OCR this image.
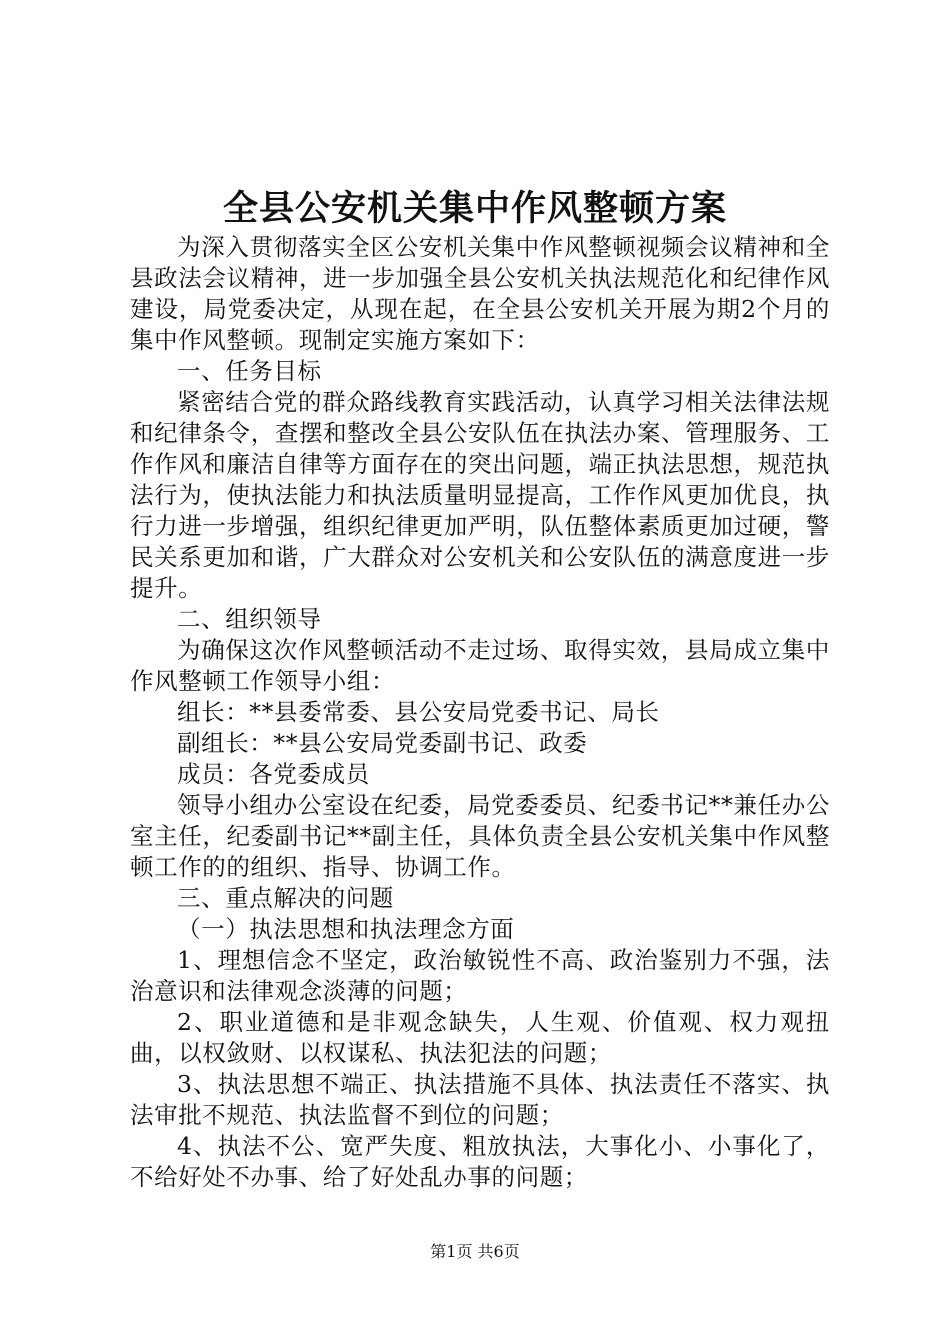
全县公安机关集中作风整顿方案

为深入贯彻落实全区公安机关集中作风整顿视频会议精神和全县政法会议精神，进一步加强全县公安机关执法规范化和纪律作风建设，局党委决定，从现在起，在全县公安机关开展为期2个月的集中作风整顿。现制定实施方案如下：

一、任务目标

紧密结合党的群众路线教育实践活动，认真学习相关法律法规和纪律条令，查摆和整改全县公安队伍在执法办案、管理服务、工作作风和廉洁自律等方面存在的突出问题，端正执法思想，规范执法行为，使执法能力和执法质量明显提高，工作作风更加优良，执行力进一步增强，组织纪律更加严明，队伍整体素质更加过硬，警民关系更加和谐，广大群众对公安机关和公安队伍的满意度进一步提升。

二、组织领导

为确保这次作风整顿活动不走过场、取得实效，县局成立集中作风整顿工作领导小组：

组长：**县委常委、县公安局党委书记、局长

副组长：**县公安局党委副书记、政委

成员：各党委成员

领导小组办公室设在纪委，局党委委员、纪委书记**兼任办公室主任，纪委副书记**副主任，具体负责全县公安机关集中作风整顿工作的的组织、指导、协调工作。

三、重点解决的问题

（一）执法思想和执法理念方面

1、理想信念不坚定，政治敏锐性不高、政治鉴别力不强，法治意识和法律观念淡薄的问题；

2、职业道德和是非观念缺失，人生观、价值观、权力观扭曲，以权敛财、以权谋私、执法犯法的问题；

3、执法思想不端正、执法措施不具体、执法责任不落实、执法审批不规范、执法监督不到位的问题；

4、执法不公、宽严失度、粗放执法，大事化小、小事化了，不给好处不办事、给了好处乱办事的问题；

第1页 共6页
